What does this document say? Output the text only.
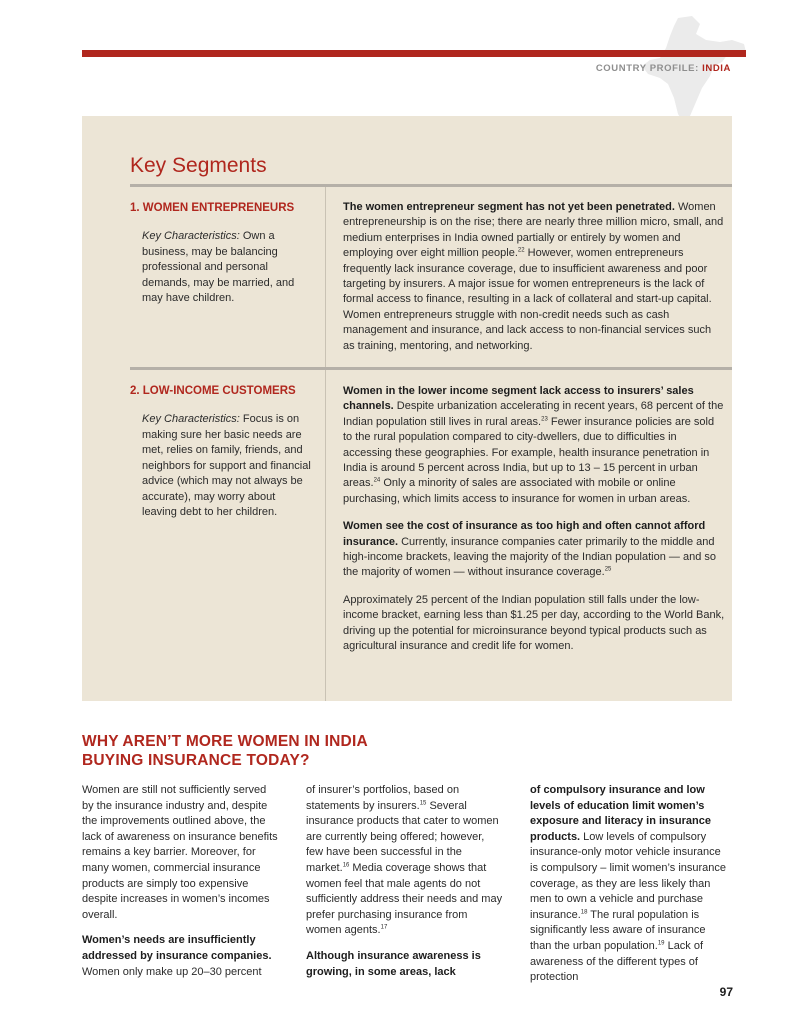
COUNTRY PROFILE: INDIA
Key Segments
1. WOMEN ENTREPRENEURS
Key Characteristics: Own a business, may be balancing professional and personal demands, may be married, and may have children.

The women entrepreneur segment has not yet been penetrated. Women entrepreneurship is on the rise; there are nearly three million micro, small, and medium enterprises in India owned partially or entirely by women and employing over eight million people.$^{22}$ However, women entrepreneurs frequently lack insurance coverage, due to insufficient awareness and poor targeting by insurers. A major issue for women entrepreneurs is the lack of formal access to finance, resulting in a lack of collateral and start-up capital. Women entrepreneurs struggle with non-credit needs such as cash management and insurance, and lack access to non-financial services such as training, mentoring, and networking.

2. LOW-INCOME CUSTOMERS
Key Characteristics: Focus is on making sure her basic needs are met, relies on family, friends, and neighbors for support and financial advice (which may not always be accurate), may worry about leaving debt to her children.

Women in the lower income segment lack access to insurers’ sales channels. Despite urbanization accelerating in recent years, 68 percent of the Indian population still lives in rural areas.$^{23}$ Fewer insurance policies are sold to the rural population compared to city-dwellers, due to difficulties in accessing these geographies. For example, health insurance penetration in India is around 5 percent across India, but up to 13 – 15 percent in urban areas.$^{24}$ Only a minority of sales are associated with mobile or online purchasing, which limits access to insurance for women in urban areas.

Women see the cost of insurance as too high and often cannot afford insurance. Currently, insurance companies cater primarily to the middle and high-income brackets, leaving the majority of the Indian population — and so the majority of women — without insurance coverage.$^{25}$

Approximately 25 percent of the Indian population still falls under the low-income bracket, earning less than $1.25 per day, according to the World Bank, driving up the potential for microinsurance beyond typical products such as agricultural insurance and credit life for women.

WHY AREN’T MORE WOMEN IN INDIA
BUYING INSURANCE TODAY?

Women are still not sufficiently served by the insurance industry and, despite the improvements outlined above, the lack of awareness on insurance benefits remains a key barrier. Moreover, for many women, commercial insurance products are simply too expensive despite increases in women’s incomes overall.

Women’s needs are insufficiently addressed by insurance companies. Women only make up 20–30 percent

of insurer’s portfolios, based on statements by insurers.$^{15}$ Several insurance products that cater to women are currently being offered; however, few have been successful in the market.$^{16}$ Media coverage shows that women feel that male agents do not sufficiently address their needs and may prefer purchasing insurance from women agents.$^{17}$

Although insurance awareness is growing, in some areas, lack

of compulsory insurance and low levels of education limit women’s exposure and literacy in insurance products. Low levels of compulsory insurance-only motor vehicle insurance is compulsory – limit women’s insurance coverage, as they are less likely than men to own a vehicle and purchase insurance.$^{18}$ The rural population is significantly less aware of insurance than the urban population.$^{19}$ Lack of awareness of the different types of protection

97
